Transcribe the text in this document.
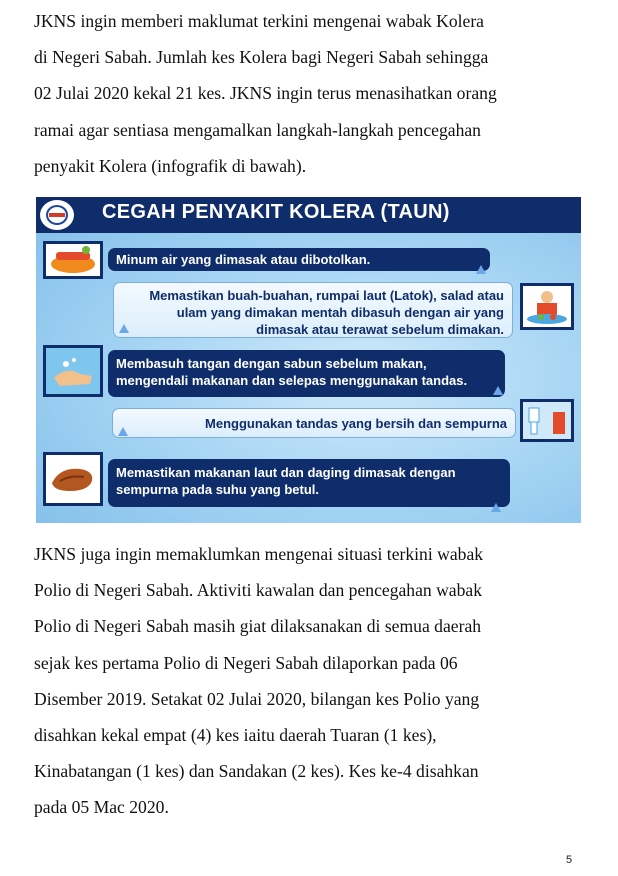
JKNS ingin memberi maklumat terkini mengenai wabak Kolera
di Negeri Sabah. Jumlah kes Kolera bagi Negeri Sabah sehingga
02 Julai 2020 kekal 21 kes. JKNS ingin terus menasihatkan orang
ramai agar sentiasa mengamalkan langkah-langkah pencegahan
penyakit Kolera (infografik di bawah).
CEGAH PENYAKIT KOLERA (TAUN)
Minum air yang dimasak atau dibotolkan.
Memastikan buah-buahan, rumpai laut (Latok), salad atau ulam yang dimakan mentah dibasuh dengan air yang dimasak atau terawat sebelum dimakan.
Membasuh tangan dengan sabun sebelum makan, mengendali makanan dan selepas menggunakan tandas.
Menggunakan tandas yang bersih dan sempurna
Memastikan makanan laut dan daging dimasak dengan sempurna pada suhu yang betul.
JKNS juga ingin memaklumkan mengenai situasi terkini wabak
Polio di Negeri Sabah. Aktiviti kawalan dan pencegahan wabak
Polio di Negeri Sabah masih giat dilaksanakan di semua daerah
sejak kes pertama Polio di Negeri Sabah dilaporkan pada 06
Disember 2019. Setakat 02 Julai 2020, bilangan kes Polio yang
disahkan kekal empat (4) kes iaitu daerah Tuaran (1 kes),
Kinabatangan (1 kes) dan Sandakan (2 kes). Kes ke-4 disahkan
pada 05 Mac 2020.
5
